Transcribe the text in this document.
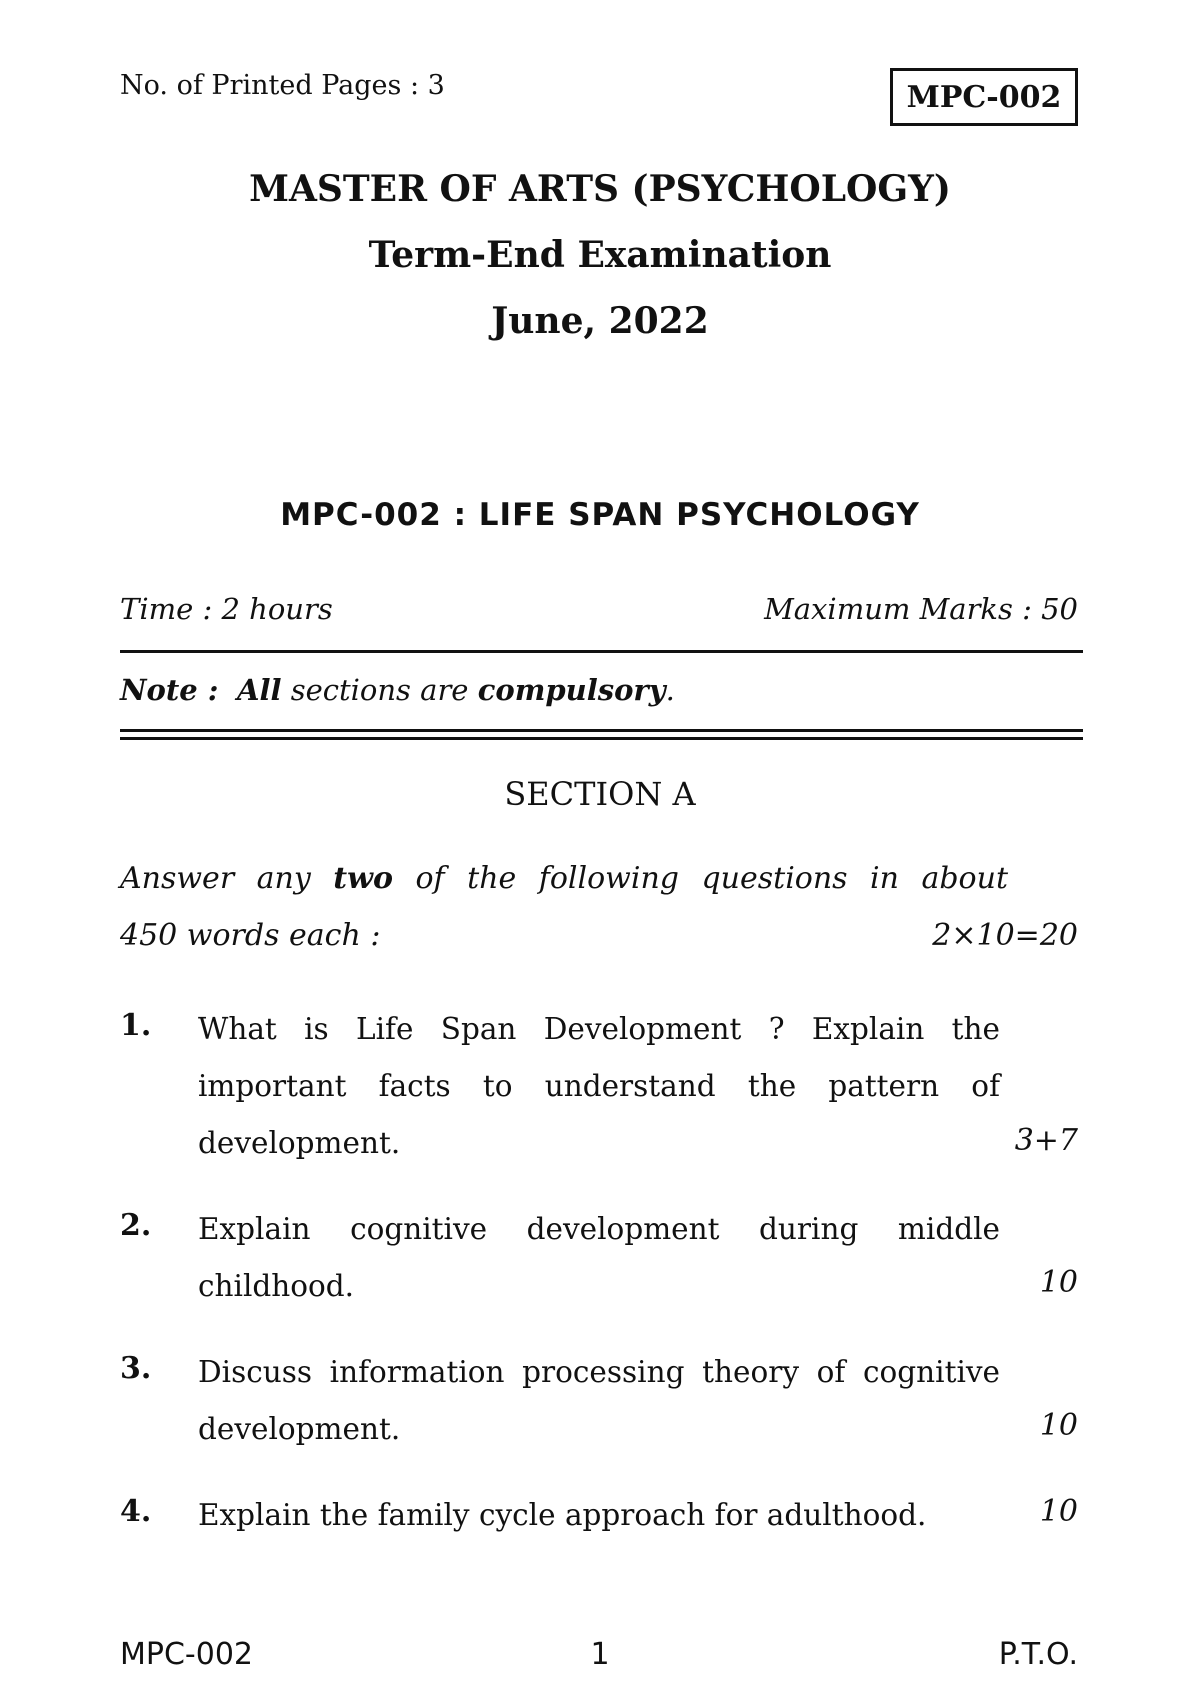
No. of Printed Pages : 3	MPC-002
MASTER OF ARTS (PSYCHOLOGY)
Term-End Examination
June, 2022
MPC-002 : LIFE SPAN PSYCHOLOGY
Time : 2 hours	Maximum Marks : 50
Note : All sections are compulsory.
SECTION A
Answer any two of the following questions in about
450 words each :	2×10=20
1. What is Life Span Development ? Explain the important facts to understand the pattern of development.	3+7
2. Explain cognitive development during middle childhood.	10
3. Discuss information processing theory of cognitive development.	10
4. Explain the family cycle approach for adulthood.	10
MPC-002	1	P.T.O.
